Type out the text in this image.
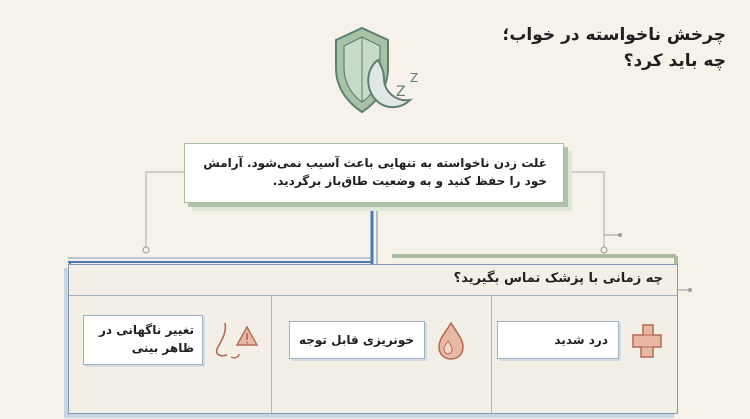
Z
Z
چرخش ناخواسته در خواب؛
چه باید کرد؟
غلت زدن ناخواسته به تنهایی باعث آسیب نمی‌شود. آرامش خود را حفظ کنید و به وضعیت طاق‌باز برگردید.
چه زمانی با پزشک تماس بگیرید؟
درد شدید
خونریزی قابل توجه
تغییر ناگهانی در ظاهر بینی
